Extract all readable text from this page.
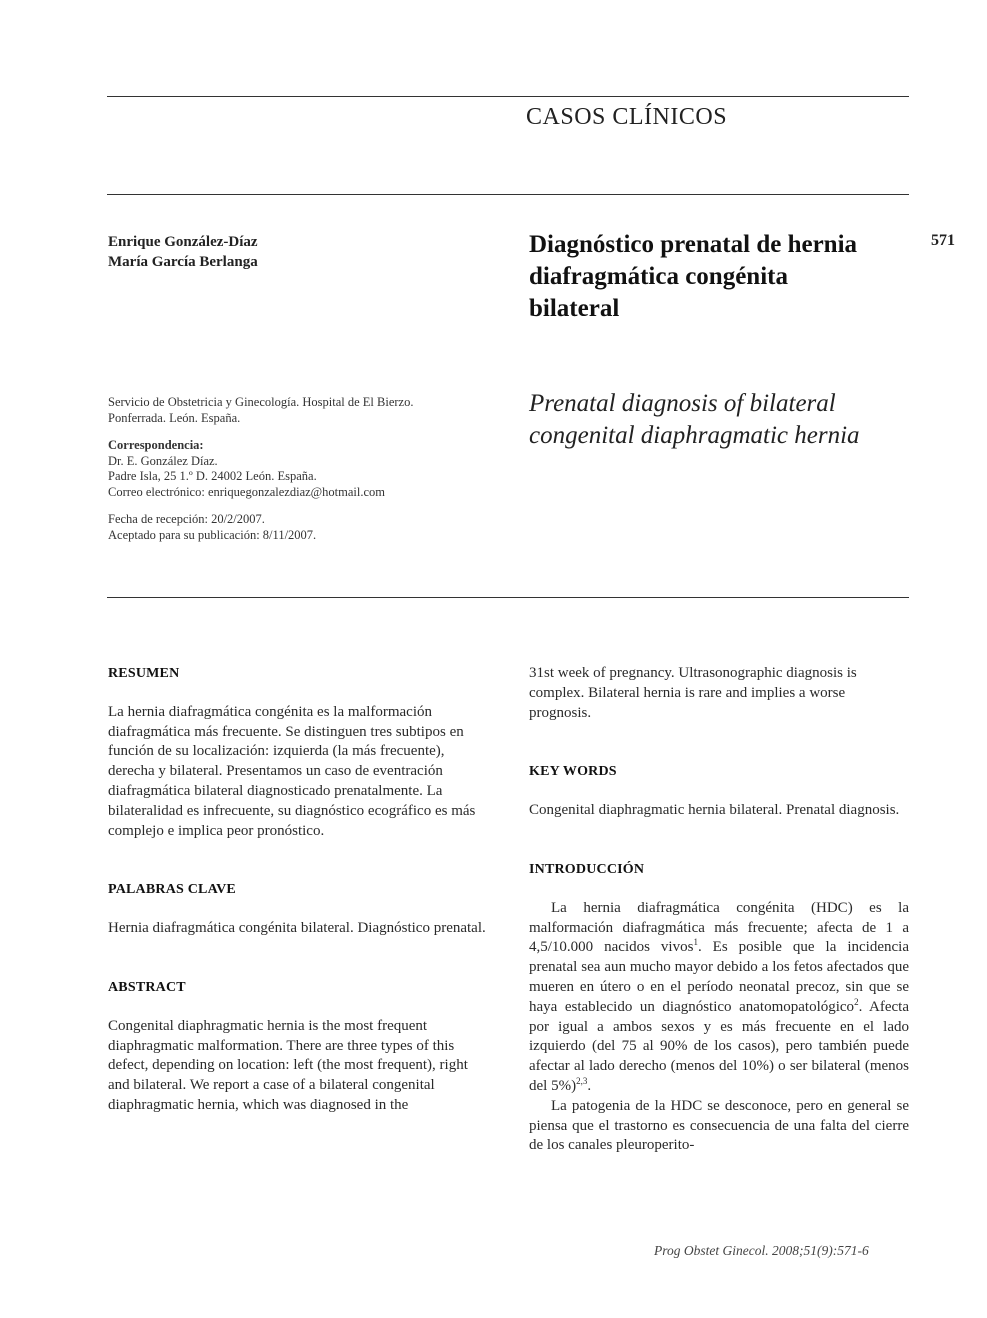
CASOS CLÍNICOS
571
Enrique González-Díaz
María García Berlanga
Diagnóstico prenatal de hernia diafragmática congénita bilateral
Prenatal diagnosis of bilateral congenital diaphragmatic hernia
Servicio de Obstetricia y Ginecología. Hospital de El Bierzo.
Ponferrada. León. España.
Correspondencia:
Dr. E. González Díaz.
Padre Isla, 25 1.º D. 24002 León. España.
Correo electrónico: enriquegonzalezdiaz@hotmail.com
Fecha de recepción: 20/2/2007.
Aceptado para su publicación: 8/11/2007.

RESUMEN

La hernia diafragmática congénita es la malformación diafragmática más frecuente. Se distinguen tres subtipos en función de su localización: izquierda (la más frecuente), derecha y bilateral. Presentamos un caso de eventración diafragmática bilateral diagnosticado prenatalmente. La bilateralidad es infrecuente, su diagnóstico ecográfico es más complejo e implica peor pronóstico.

PALABRAS CLAVE

Hernia diafragmática congénita bilateral. Diagnóstico prenatal.

ABSTRACT

Congenital diaphragmatic hernia is the most frequent diaphragmatic malformation. There are three types of this defect, depending on location: left (the most frequent), right and bilateral. We report a case of a bilateral congenital diaphragmatic hernia, which was diagnosed in the

31st week of pregnancy. Ultrasonographic diagnosis is complex. Bilateral hernia is rare and implies a worse prognosis.

KEY WORDS

Congenital diaphragmatic hernia bilateral. Prenatal diagnosis.

INTRODUCCIÓN

La hernia diafragmática congénita (HDC) es la malformación diafragmática más frecuente; afecta de 1 a 4,5/10.000 nacidos vivos$^1$. Es posible que la incidencia prenatal sea aun mucho mayor debido a los fetos afectados que mueren en útero o en el período neonatal precoz, sin que se haya establecido un diagnóstico anatomopatológico$^2$. Afecta por igual a ambos sexos y es más frecuente en el lado izquierdo (del 75 al 90% de los casos), pero también puede afectar al lado derecho (menos del 10%) o ser bilateral (menos del 5%)$^{2,3}$.

La patogenia de la HDC se desconoce, pero en general se piensa que el trastorno es consecuencia de una falta del cierre de los canales pleuroperito-

Prog Obstet Ginecol. 2008;51(9):571-6
